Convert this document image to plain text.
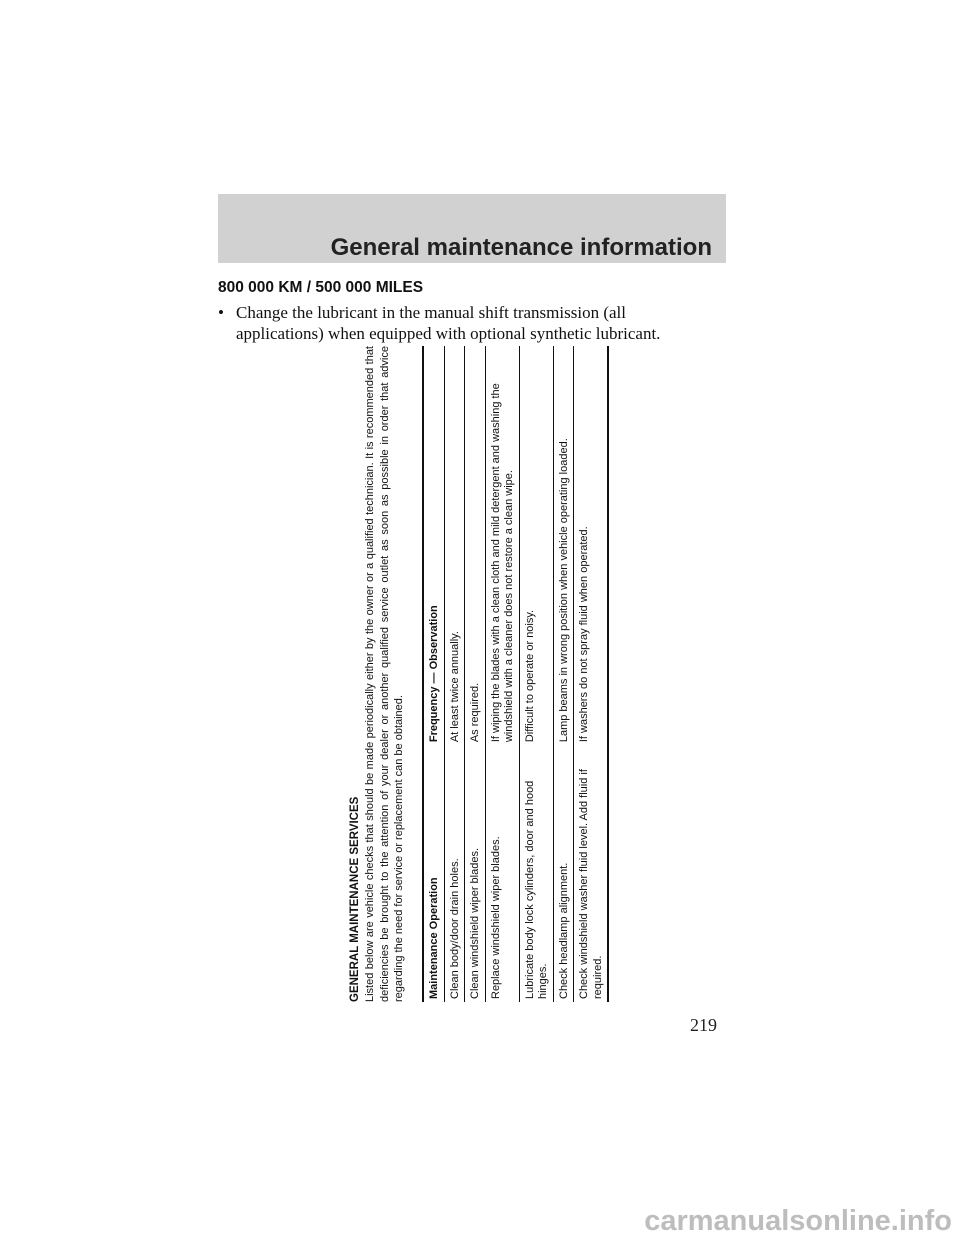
General maintenance information
800 000 KM / 500 000 MILES
• Change the lubricant in the manual shift transmission (all applications) when equipped with optional synthetic lubricant.

GENERAL MAINTENANCE SERVICES Listed below are vehicle checks that should be made periodically either by the owner or a qualified technician. It is recommended that deficiencies be brought to the attention of your dealer or another qualified service outlet as soon as possible in order that advice regarding the need for service or replacement can be obtained. Maintenance Operation	Frequency — Observation
Clean body/door drain holes.	At least twice annually.
Clean windshield wiper blades.	As required.
Replace windshield wiper blades.	If wiping the blades with a clean cloth and mild detergent and washing the windshield with a cleaner does not restore a clean wipe.
Lubricate body lock cylinders, door and hood hinges.	Difficult to operate or noisy.
Check headlamp alignment.	Lamp beams in wrong position when vehicle operating loaded.
Check windshield washer fluid level. Add fluid if required.	If washers do not spray fluid when operated.
219
carmanualsonline.info
